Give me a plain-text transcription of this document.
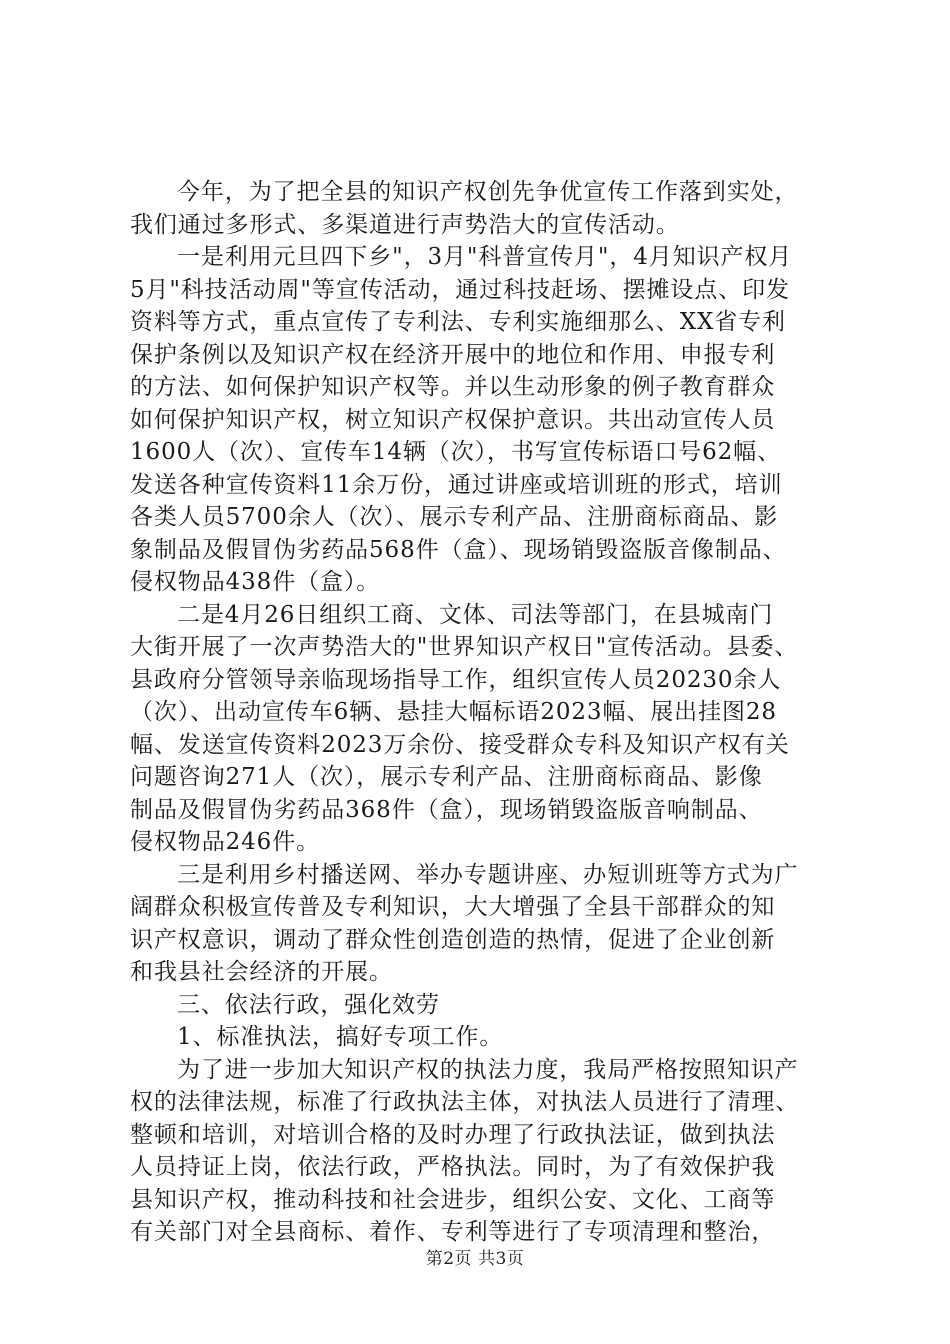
今年，为了把全县的知识产权创先争优宣传工作落到实处，
我们通过多形式、多渠道进行声势浩大的宣传活动。
一是利用元旦四下乡"，3月"科普宣传月"，4月知识产权月
5月"科技活动周"等宣传活动，通过科技赶场、摆摊设点、印发
资料等方式，重点宣传了专利法、专利实施细那么、XX省专利
保护条例以及知识产权在经济开展中的地位和作用、申报专利
的方法、如何保护知识产权等。并以生动形象的例子教育群众
如何保护知识产权，树立知识产权保护意识。共出动宣传人员
1600人（次）、宣传车14辆（次），书写宣传标语口号62幅、
发送各种宣传资料11余万份，通过讲座或培训班的形式，培训
各类人员5700余人（次）、展示专利产品、注册商标商品、影
象制品及假冒伪劣药品568件（盒）、现场销毁盗版音像制品、
侵权物品438件（盒）。
二是4月26日组织工商、文体、司法等部门，在县城南门
大街开展了一次声势浩大的"世界知识产权日"宣传活动。县委、
县政府分管领导亲临现场指导工作，组织宣传人员20230余人
（次）、出动宣传车6辆、悬挂大幅标语2023幅、展出挂图28
幅、发送宣传资料2023万余份、接受群众专科及知识产权有关
问题咨询271人（次），展示专利产品、注册商标商品、影像
制品及假冒伪劣药品368件（盒），现场销毁盗版音响制品、
侵权物品246件。
三是利用乡村播送网、举办专题讲座、办短训班等方式为广
阔群众积极宣传普及专利知识，大大增强了全县干部群众的知
识产权意识，调动了群众性创造创造的热情，促进了企业创新
和我县社会经济的开展。
三、依法行政，强化效劳
1、标准执法，搞好专项工作。
为了进一步加大知识产权的执法力度，我局严格按照知识产
权的法律法规，标准了行政执法主体，对执法人员进行了清理、
整顿和培训，对培训合格的及时办理了行政执法证，做到执法
人员持证上岗，依法行政，严格执法。同时，为了有效保护我
县知识产权，推动科技和社会进步，组织公安、文化、工商等
有关部门对全县商标、着作、专利等进行了专项清理和整治，
第2页 共3页
